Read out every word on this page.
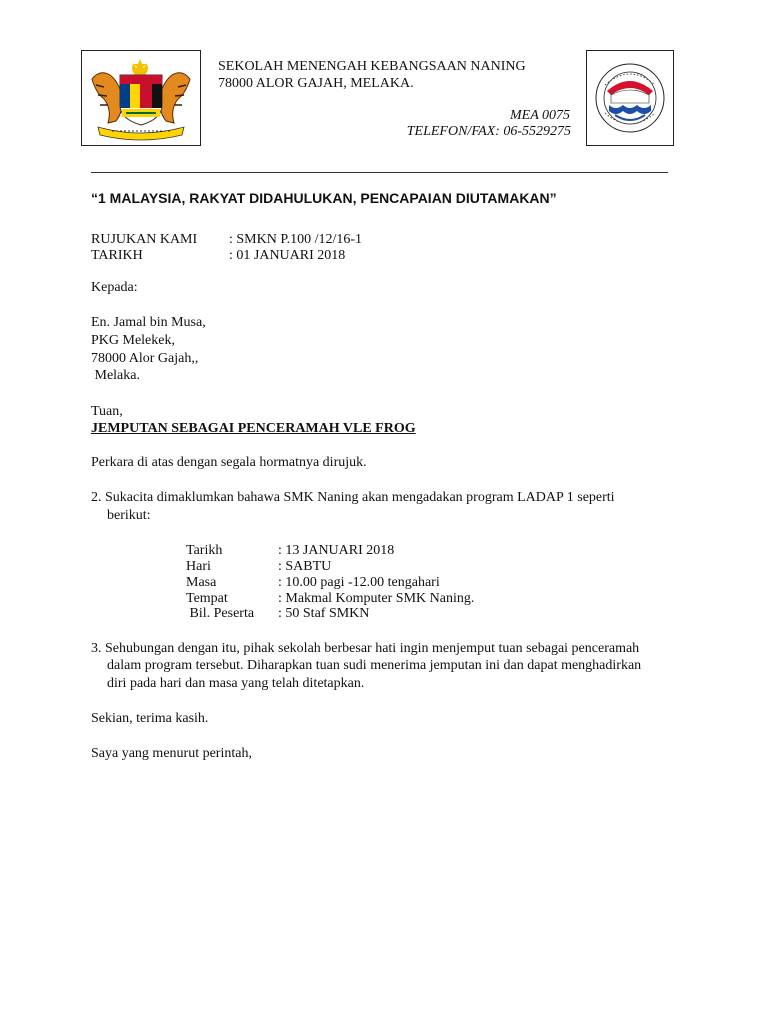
SEKOLAH MENENGAH KEBANGSAAN NANING
78000 ALOR GAJAH, MELAKA.
MEA 0075
TELEFON/FAX: 06-5529275
“1 MALAYSIA, RAKYAT DIDAHULUKAN, PENCAPAIAN DIUTAMAKAN”
RUJUKAN KAMI : SMKN P.100 /12/16-1
TARIKH	: 01 JANUARI 2018
Kepada:
En. Jamal bin Musa,
PKG Melekek,
78000 Alor Gajah,,
Melaka.
Tuan,
JEMPUTAN SEBAGAI PENCERAMAH VLE FROG
Perkara di atas dengan segala hormatnya dirujuk.
2. Sukacita dimaklumkan bahawa SMK Naning akan mengadakan program LADAP 1 seperti
berikut:
Tarikh	: 13 JANUARI 2018
Hari	: SABTU
Masa	: 10.00 pagi -12.00 tengahari
Tempat	: Makmal Komputer SMK Naning.
Bil. Peserta : 50 Staf SMKN
3. Sehubungan dengan itu, pihak sekolah berbesar hati ingin menjemput tuan sebagai penceramah
dalam program tersebut. Diharapkan tuan sudi menerima jemputan ini dan dapat menghadirkan
diri pada hari dan masa yang telah ditetapkan.
Sekian, terima kasih.
Saya yang menurut perintah,
